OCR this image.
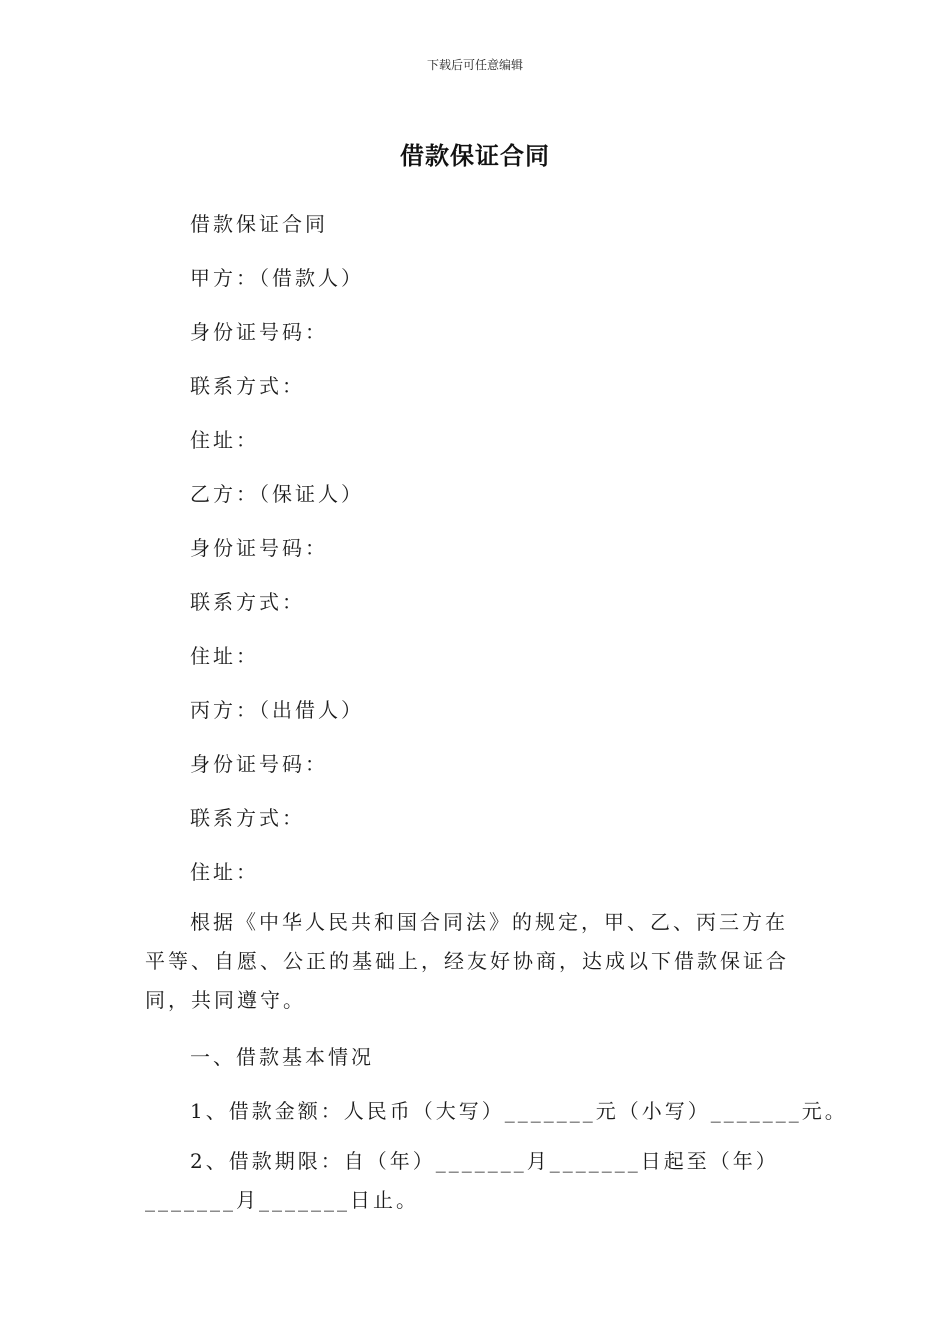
下载后可任意编辑
借款保证合同
借款保证合同
甲方：（借款人）
身份证号码：
联系方式：
住址：
乙方：（保证人）
身份证号码：
联系方式：
住址：
丙方：（出借人）
身份证号码：
联系方式：
住址：
根据《中华人民共和国合同法》的规定，甲、乙、丙三方在平等、自愿、公正的基础上，经友好协商，达成以下借款保证合同，共同遵守。
一、借款基本情况
1、借款金额：人民币（大写）_______元（小写）_______元。
2、借款期限：自（年）_______月_______日起至（年）_______月_______日止。
